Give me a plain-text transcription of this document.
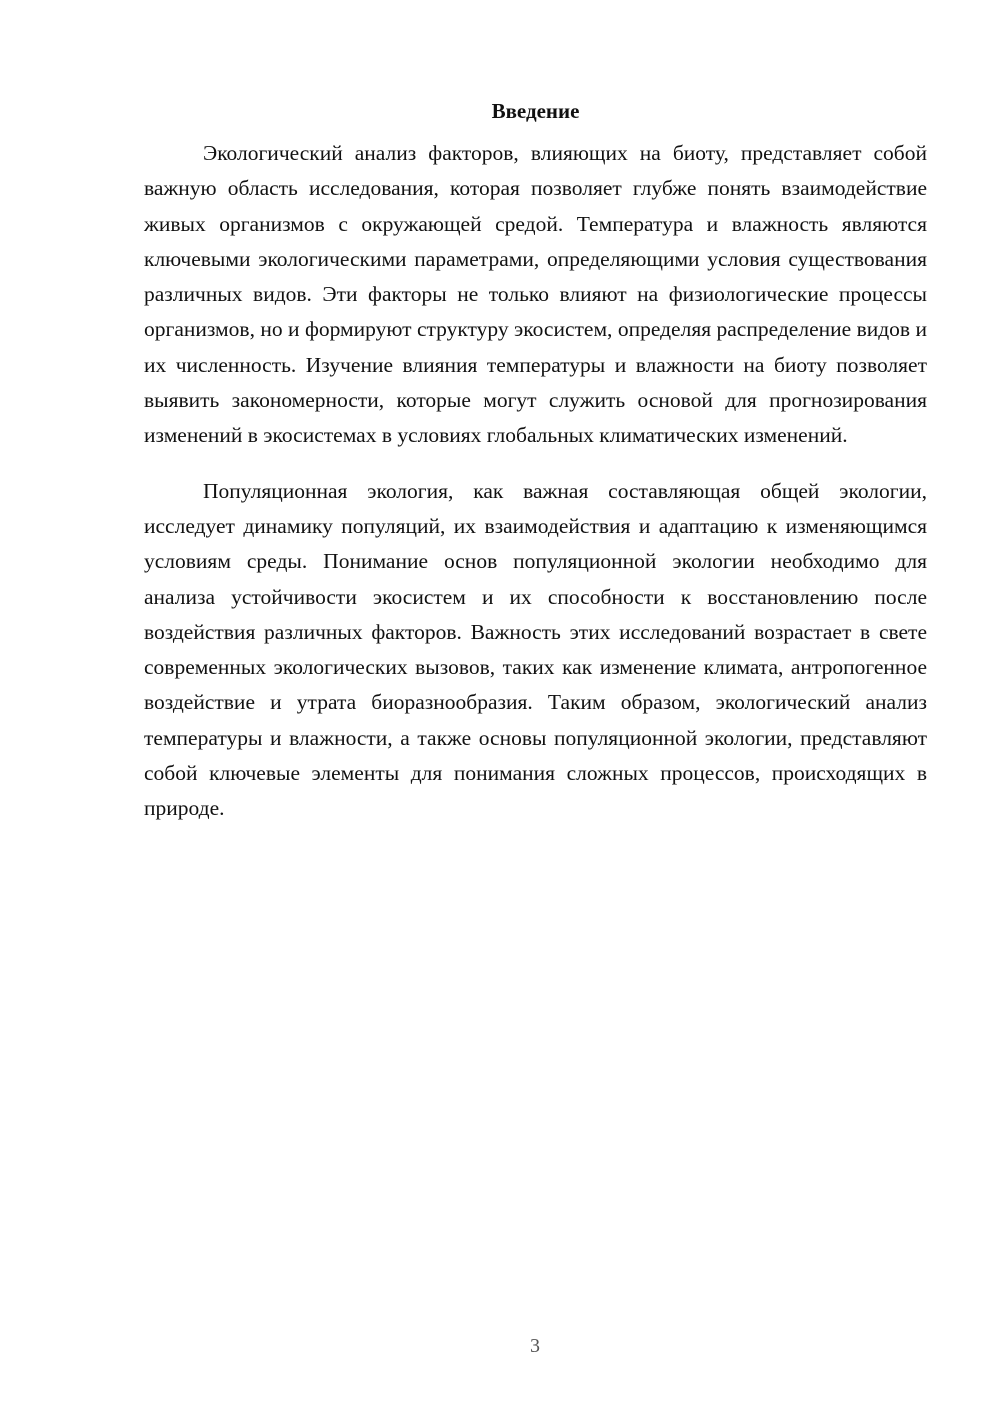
Введение

Экологический анализ факторов, влияющих на биоту, представляет собой важную область исследования, которая позволяет глубже понять взаимодействие живых организмов с окружающей средой. Температура и влажность являются ключевыми экологическими параметрами, определяющими условия существования различных видов. Эти факторы не только влияют на физиологические процессы организмов, но и формируют структуру экосистем, определяя распределение видов и их численность. Изучение влияния температуры и влажности на биоту позволяет выявить закономерности, которые могут служить основой для прогнозирования изменений в экосистемах в условиях глобальных климатических изменений.

Популяционная экология, как важная составляющая общей экологии, исследует динамику популяций, их взаимодействия и адаптацию к изменяющимся условиям среды. Понимание основ популяционной экологии необходимо для анализа устойчивости экосистем и их способности к восстановлению после воздействия различных факторов. Важность этих исследований возрастает в свете современных экологических вызовов, таких как изменение климата, антропогенное воздействие и утрата биоразнообразия. Таким образом, экологический анализ температуры и влажности, а также основы популяционной экологии, представляют собой ключевые элементы для понимания сложных процессов, происходящих в природе.

3
